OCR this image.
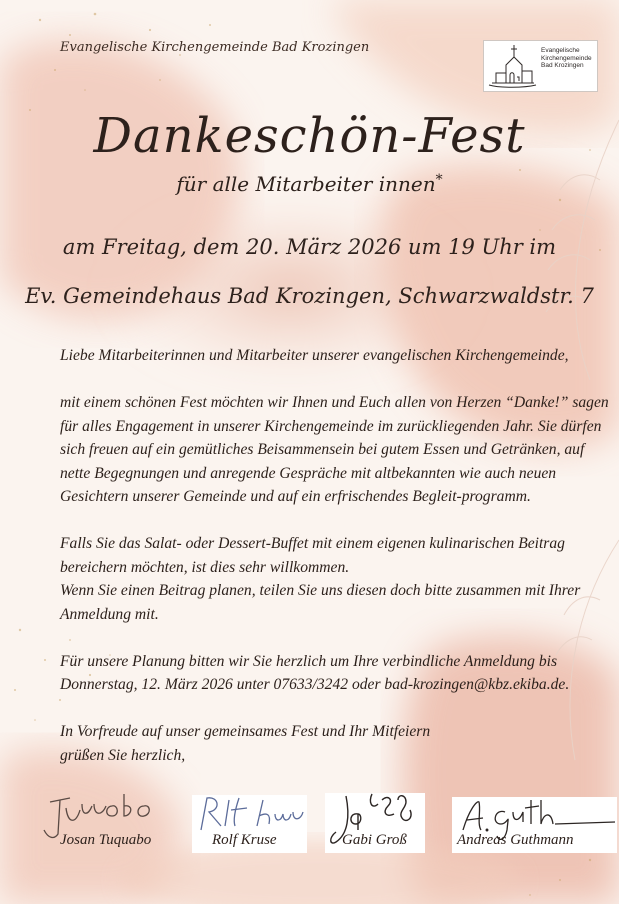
Evangelische Kirchengemeinde Bad Krozingen	Evangelische
Kirchengemeinde
Bad Krozingen
Dankeschön-Fest
für alle Mitarbeiter innen*
am Freitag, dem 20. März 2026 um 19 Uhr im
Ev. Gemeindehaus Bad Krozingen, Schwarzwaldstr. 7

Liebe Mitarbeiterinnen und Mitarbeiter unserer evangelischen Kirchengemeinde,

mit einem schönen Fest möchten wir Ihnen und Euch allen von Herzen “Danke!” sagen für alles Engagement in unserer Kirchengemeinde im zurückliegenden Jahr. Sie dürfen sich freuen auf ein gemütliches Beisammensein bei gutem Essen und Getränken, auf nette Begegnungen und anregende Gespräche mit altbekannten wie auch neuen Gesichtern unserer Gemeinde und auf ein erfrischendes Begleit-programm.

Falls Sie das Salat- oder Dessert-Buffet mit einem eigenen kulinarischen Beitrag bereichern möchten, ist dies sehr willkommen.

Wenn Sie einen Beitrag planen, teilen Sie uns diesen doch bitte zusammen mit Ihrer Anmeldung mit.

Für unsere Planung bitten wir Sie herzlich um Ihre verbindliche Anmeldung bis Donnerstag, 12. März 2026 unter 07633/3242 oder bad-krozingen@kbz.ekiba.de.

In Vorfreude auf unser gemeinsames Fest und Ihr Mitfeiern

grüßen Sie herzlich,

Josan Tuquabo	Rolf Kruse	Gabi Groß	Andreas Guthmann
